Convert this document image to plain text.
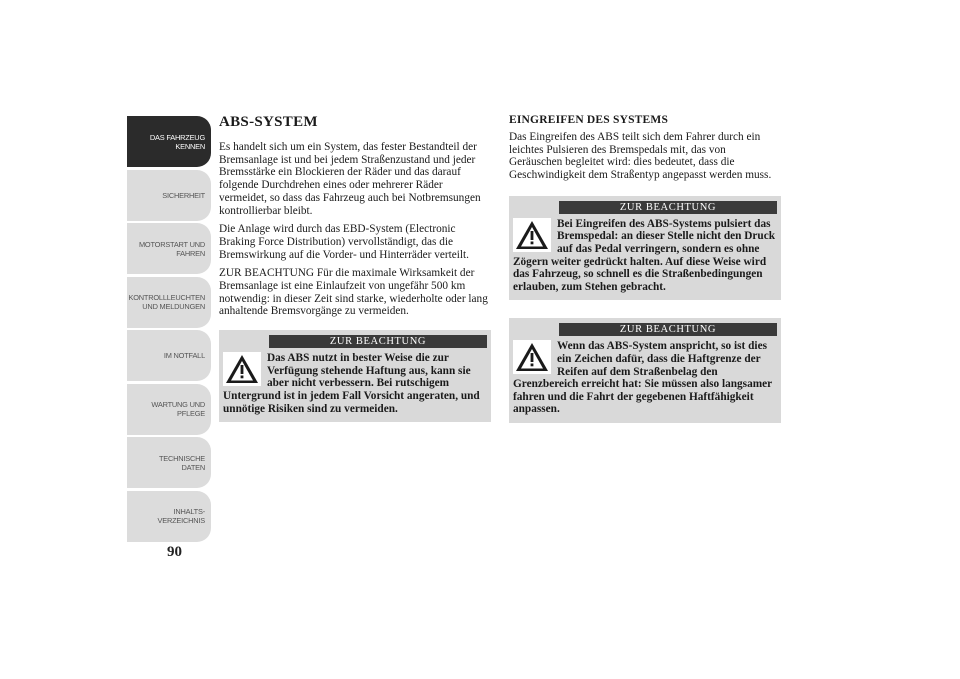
DAS FAHRZEUG
KENNEN
SICHERHEIT
MOTORSTART UND
FAHREN
KONTROLLLEUCHTEN
UND MELDUNGEN
IM NOTFALL
WARTUNG UND
PFLEGE
TECHNISCHE
DATEN
INHALTS-
VERZEICHNIS
90
ABS-SYSTEM

Es handelt sich um ein System, das fester Bestandteil der Bremsanlage ist und bei jedem Straßenzustand und jeder Bremsstärke ein Blockieren der Räder und das darauf folgende Durchdrehen eines oder mehrerer Räder vermeidet, so dass das Fahrzeug auch bei Notbremsungen kontrollierbar bleibt.

Die Anlage wird durch das EBD-System (Electronic Braking Force Distribution) vervollständigt, das die Bremswirkung auf die Vorder- und Hinterräder verteilt.

ZUR BEACHTUNG Für die maximale Wirksamkeit der Bremsanlage ist eine Einlaufzeit von ungefähr 500 km notwendig: in dieser Zeit sind starke, wiederholte oder lang anhaltende Bremsvorgänge zu vermeiden.

ZUR BEACHTUNG
Das ABS nutzt in bester Weise die zur Verfügung stehende Haftung aus, kann sie aber nicht verbessern. Bei rutschigem Untergrund ist in jedem Fall Vorsicht angeraten, und unnötige Risiken sind zu vermeiden.
EINGREIFEN DES SYSTEMS

Das Eingreifen des ABS teilt sich dem Fahrer durch ein leichtes Pulsieren des Bremspedals mit, das von Geräuschen begleitet wird: dies bedeutet, dass die Geschwindigkeit dem Straßentyp angepasst werden muss.

ZUR BEACHTUNG
Bei Eingreifen des ABS-Systems pulsiert das Bremspedal: an dieser Stelle nicht den Druck auf das Pedal verringern, sondern es ohne Zögern weiter gedrückt halten. Auf diese Weise wird das Fahrzeug, so schnell es die Straßenbedingungen erlauben, zum Stehen gebracht.
ZUR BEACHTUNG
Wenn das ABS-System anspricht, so ist dies ein Zeichen dafür, dass die Haftgrenze der Reifen auf dem Straßenbelag den Grenzbereich erreicht hat: Sie müssen also langsamer fahren und die Fahrt der gegebenen Haftfähigkeit anpassen.
